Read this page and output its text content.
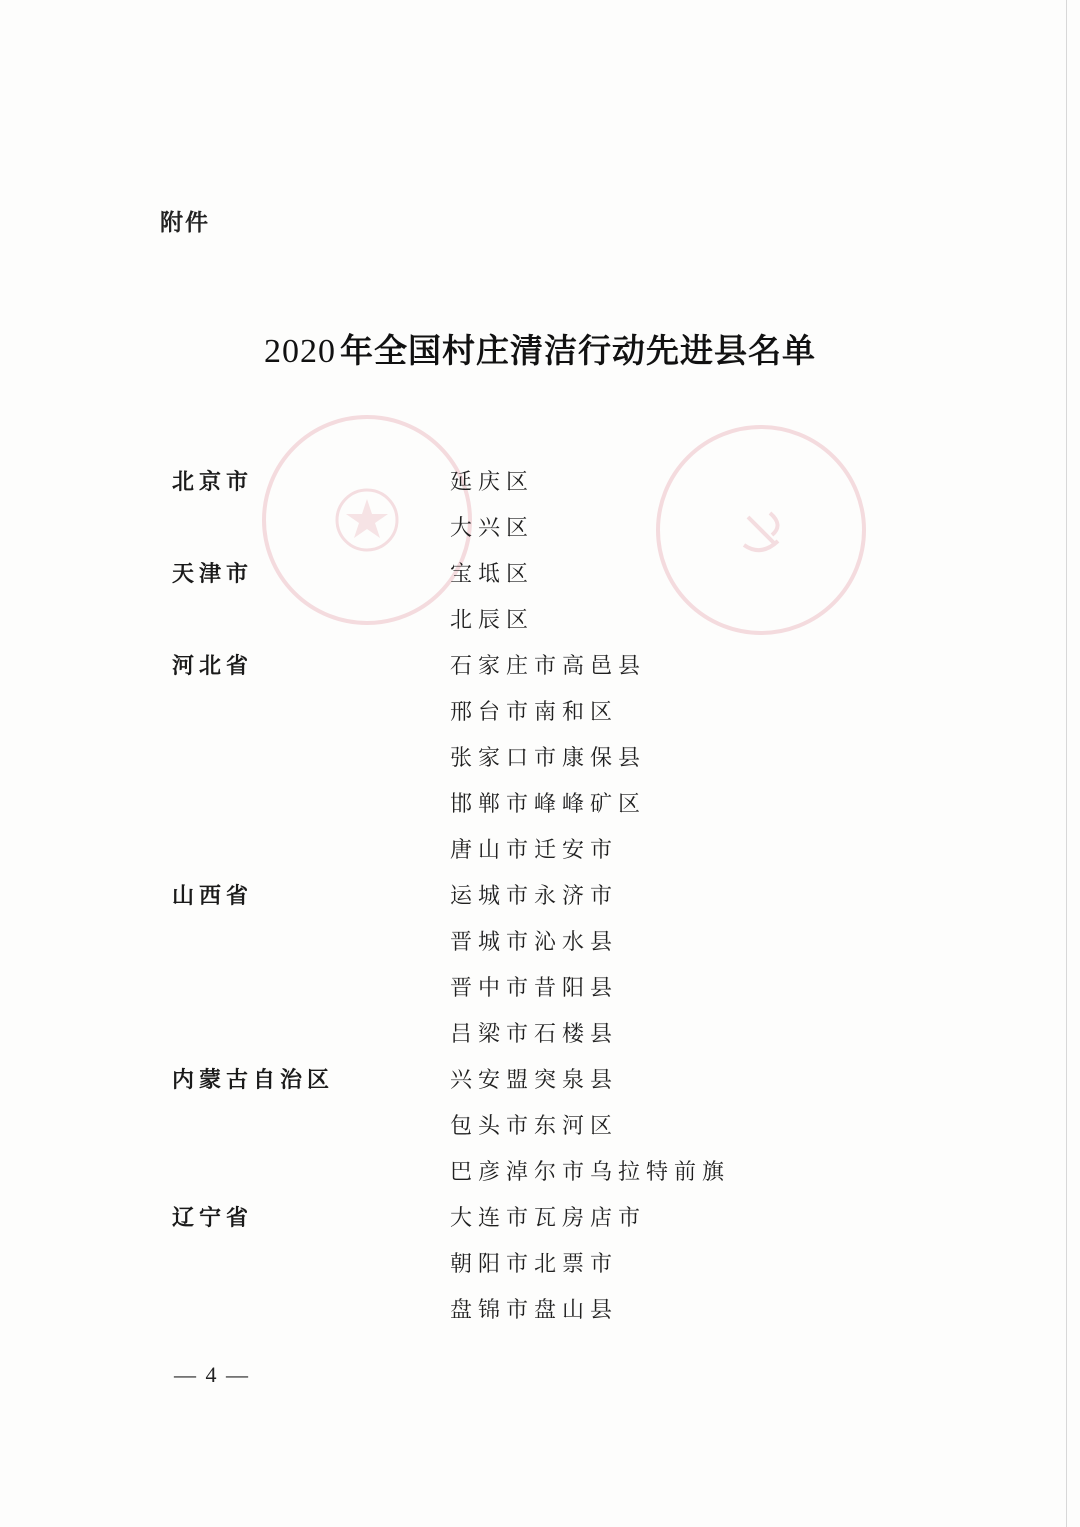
附件
2020 年全国村庄清洁行动先进县名单
北京市	延庆区
大兴区
天津市	宝坻区
北辰区
河北省	石家庄市高邑县
邢台市南和区
张家口市康保县
邯郸市峰峰矿区
唐山市迁安市
山西省	运城市永济市
晋城市沁水县
晋中市昔阳县
吕梁市石楼县
内蒙古自治区	兴安盟突泉县
包头市东河区
巴彦淖尔市乌拉特前旗
辽宁省	大连市瓦房店市
朝阳市北票市
盘锦市盘山县
— 4 —
